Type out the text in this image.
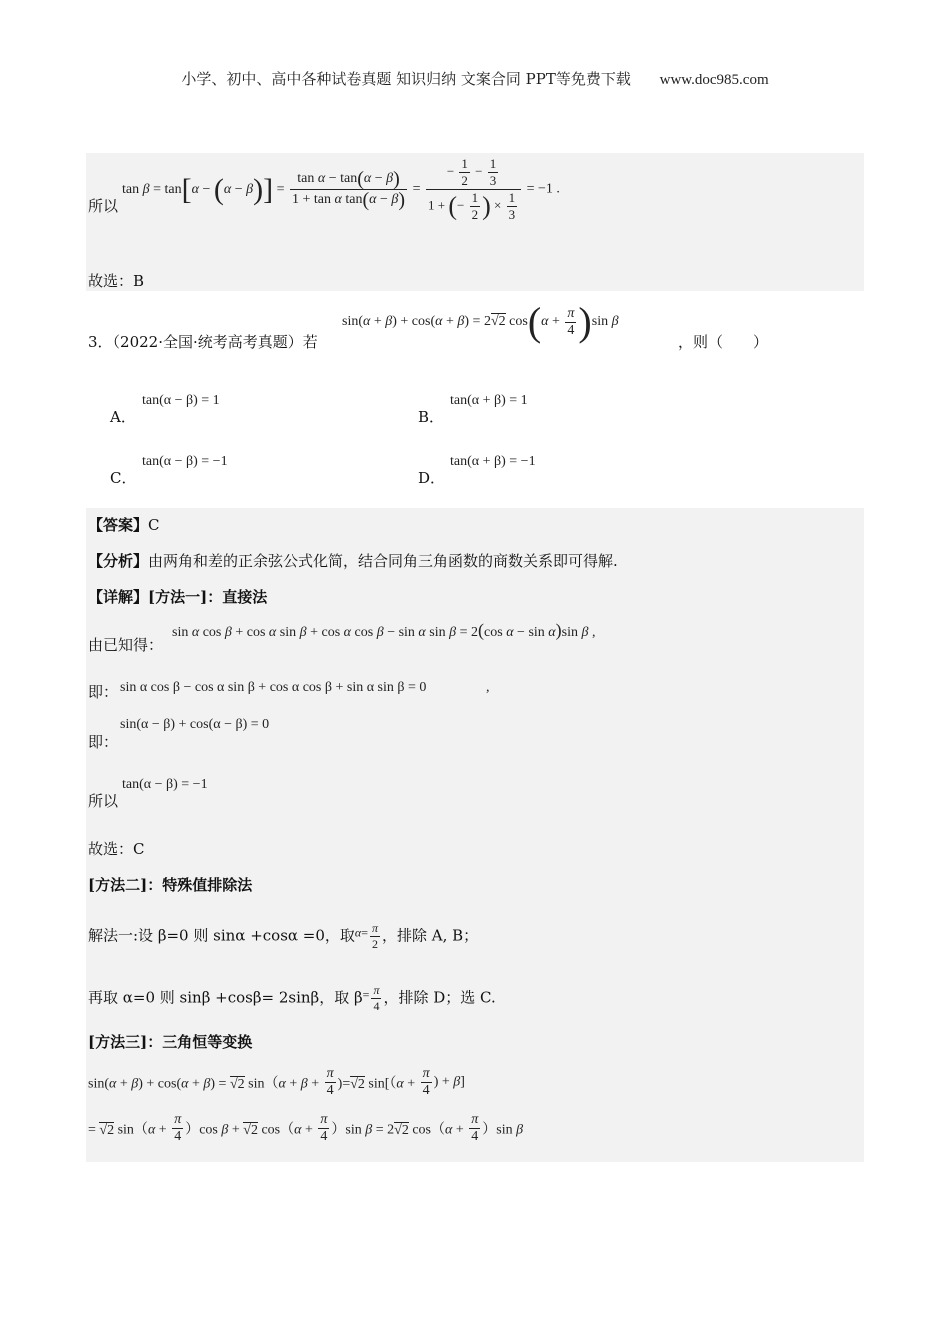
小学、初中、高中各种试卷真题 知识归纳 文案合同 PPT等免费下载 www.doc985.com
所以
$\tan \beta = \tan[\alpha - (\alpha - \beta)] = \frac{\text{tan α − tan(α − β)}}{\text{1 + tan α tan(α − β)}} = \frac{- \frac{1}{2} - \frac{1}{3}}{1 + (- \frac{1}{2} ) \times \frac{1}{3}} = -1$ .
故选：B
3．（2022·全国·统考高考真题）若
sin(α + β) + cos(α + β) = 2√2 $\cos(\alpha + \frac{\pi}{4} )\sin$ β
，则（　　）
A．
tan(α − β) = 1
B．
tan(α + β) = 1
C．
tan(α − β) = −1
D．
tan(α + β) = −1
【答案】C
【分析】由两角和差的正余弦公式化简，结合同角三角函数的商数关系即可得解.
【详解】[方法一]：直接法
由已知得：
sin α cos β + cos α sin β + cos α cos β − sin α sin β = 2(cos α − sin α)sin β ,
即： sin α cos β − cos α sin β + cos α cos β + sin α sin β = 0	,
即：
sin(α − β) + cos(α − β) = 0
所以
tan(α − β) = −1
故选：C
[方法二]：特殊值排除法
解法一:设 β=0 则 sinα +cosα =0，取$^{\alpha=} \frac{\pi}{2}$ ，排除 A, B；
再取 α=0 则 sinβ +cosβ= 2sinβ，取 $\beta^= \frac{\pi}{4}$ ，排除 D；选 C.
[方法三]：三角恒等变换
sin(α + β) + cos(α + β) = √2 $\sin(\alpha + \beta + \frac{\pi}{4} )=√2$ $\sin[(\alpha + \frac{\pi}{4}$ ) + β]
= √2 $\sin(\alpha + \frac{\pi}{4} )\cos$ β + √2 $\cos(\alpha + \frac{\pi}{4} )\sin$ β = 2√2 $\cos(\alpha + \frac{\pi}{4} )\sin$ β
